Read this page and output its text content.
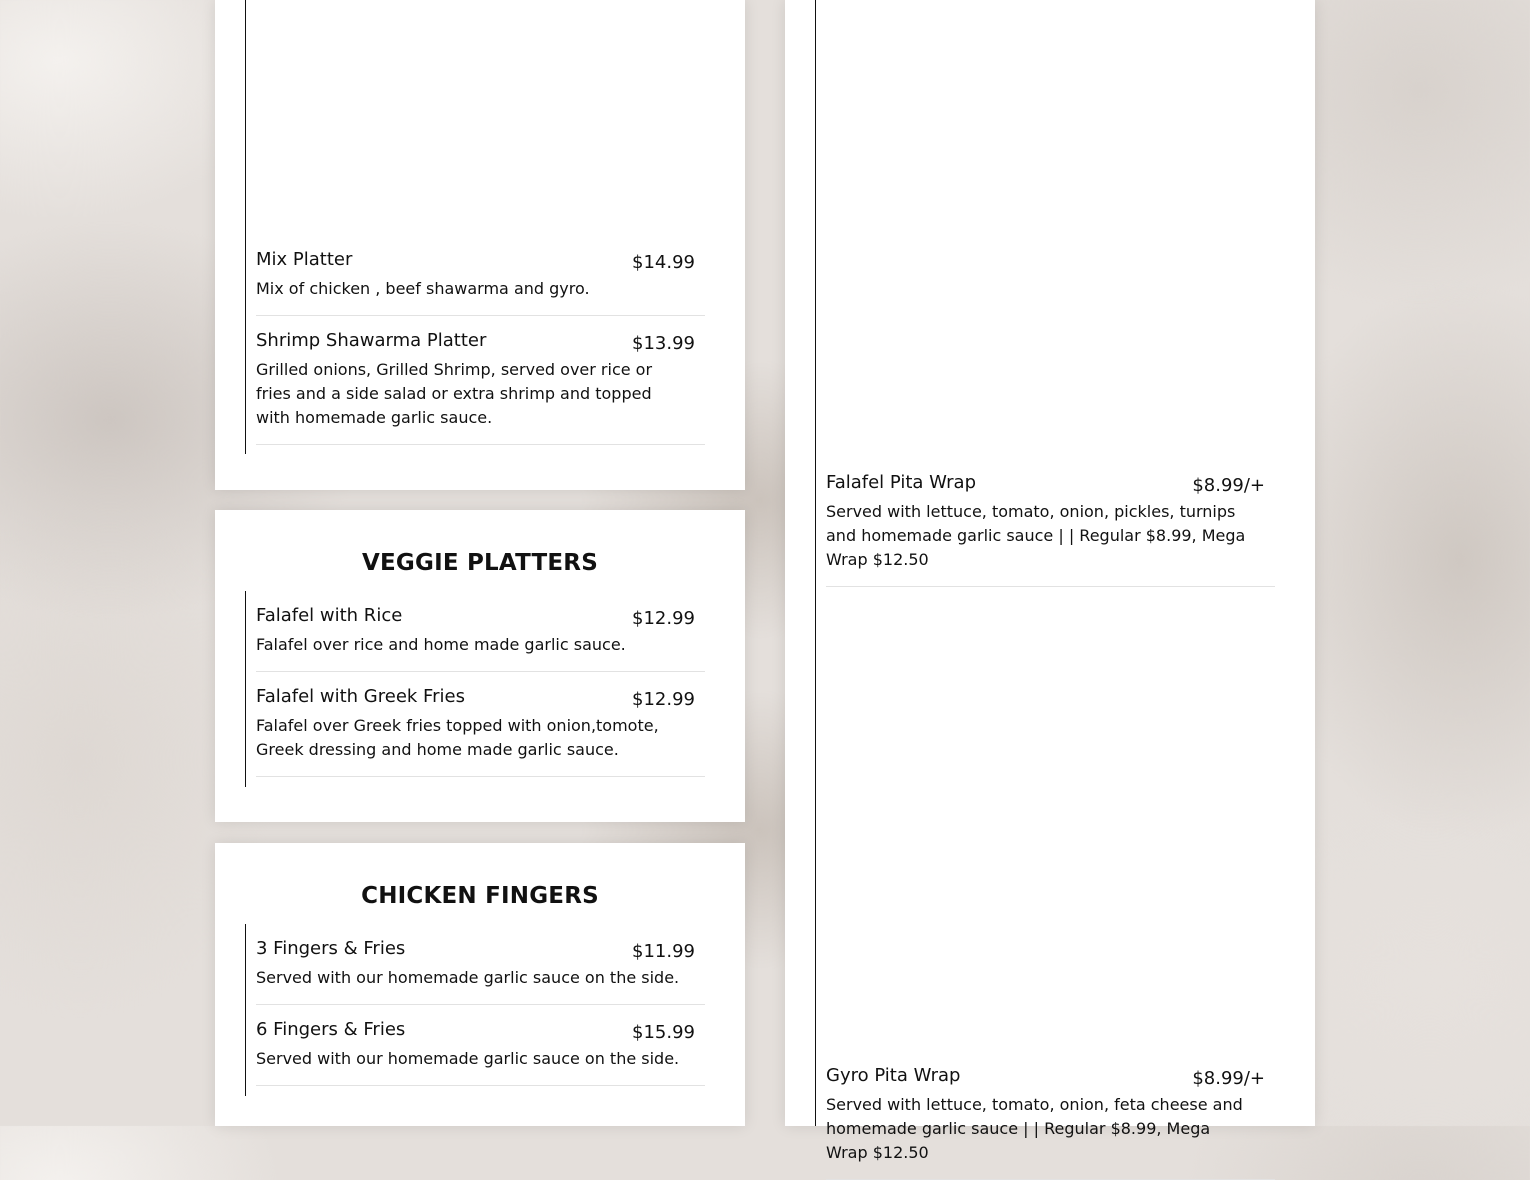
Mix Platter	$14.99
Mix of chicken , beef shawarma and gyro.
Shrimp Shawarma Platter	$13.99
Grilled onions, Grilled Shrimp, served over rice or fries and a side salad or extra shrimp and topped with homemade garlic sauce.
VEGGIE PLATTERS
Falafel with Rice	$12.99
Falafel over rice and home made garlic sauce.
Falafel with Greek Fries	$12.99
Falafel over Greek fries topped with onion,tomote, Greek dressing and home made garlic sauce.
CHICKEN FINGERS
3 Fingers & Fries	$11.99
Served with our homemade garlic sauce on the side.
6 Fingers & Fries	$15.99
Served with our homemade garlic sauce on the side.
Falafel Pita Wrap	$8.99/+
Served with lettuce, tomato, onion, pickles, turnips and homemade garlic sauce | | Regular $8.99, Mega Wrap $12.50
Gyro Pita Wrap	$8.99/+
Served with lettuce, tomato, onion, feta cheese and homemade garlic sauce | | Regular $8.99, Mega Wrap $12.50
